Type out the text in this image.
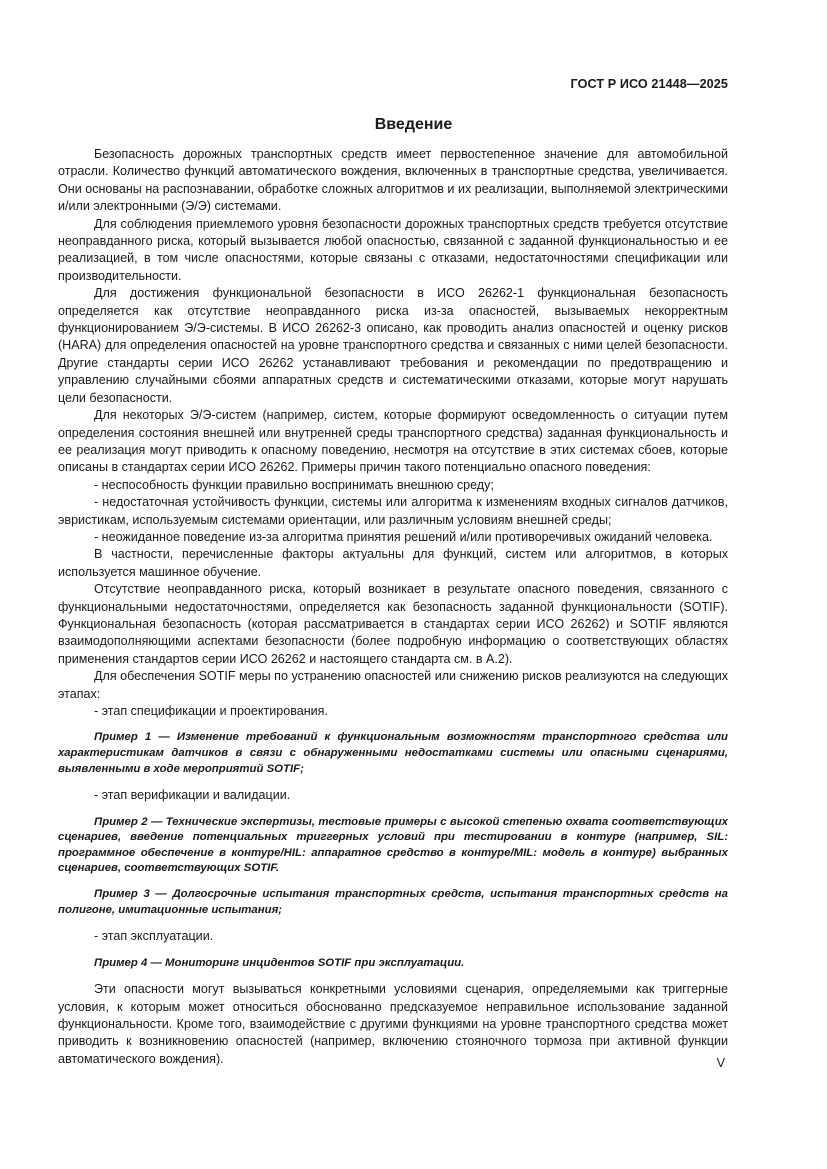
ГОСТ Р ИСО 21448—2025
Введение

Безопасность дорожных транспортных средств имеет первостепенное значение для автомобильной отрасли. Количество функций автоматического вождения, включенных в транспортные средства, увеличивается. Они основаны на распознавании, обработке сложных алгоритмов и их реализации, выполняемой электрическими и/или электронными (Э/Э) системами.

Для соблюдения приемлемого уровня безопасности дорожных транспортных средств требуется отсутствие неоправданного риска, который вызывается любой опасностью, связанной с заданной функциональностью и ее реализацией, в том числе опасностями, которые связаны с отказами, недостаточностями спецификации или производительности.

Для достижения функциональной безопасности в ИСО 26262-1 функциональная безопасность определяется как отсутствие неоправданного риска из-за опасностей, вызываемых некорректным функционированием Э/Э-системы. В ИСО 26262-3 описано, как проводить анализ опасностей и оценку рисков (HARA) для определения опасностей на уровне транспортного средства и связанных с ними целей безопасности. Другие стандарты серии ИСО 26262 устанавливают требования и рекомендации по предотвращению и управлению случайными сбоями аппаратных средств и систематическими отказами, которые могут нарушать цели безопасности.

Для некоторых Э/Э-систем (например, систем, которые формируют осведомленность о ситуации путем определения состояния внешней или внутренней среды транспортного средства) заданная функциональность и ее реализация могут приводить к опасному поведению, несмотря на отсутствие в этих системах сбоев, которые описаны в стандартах серии ИСО 26262. Примеры причин такого потенциально опасного поведения:

- неспособность функции правильно воспринимать внешнюю среду;

- недостаточная устойчивость функции, системы или алгоритма к изменениям входных сигналов датчиков, эвристикам, используемым системами ориентации, или различным условиям внешней среды;

- неожиданное поведение из-за алгоритма принятия решений и/или противоречивых ожиданий человека.

В частности, перечисленные факторы актуальны для функций, систем или алгоритмов, в которых используется машинное обучение.

Отсутствие неоправданного риска, который возникает в результате опасного поведения, связанного с функциональными недостаточностями, определяется как безопасность заданной функциональности (SOTIF). Функциональная безопасность (которая рассматривается в стандартах серии ИСО 26262) и SOTIF являются взаимодополняющими аспектами безопасности (более подробную информацию о соответствующих областях применения стандартов серии ИСО 26262 и настоящего стандарта см. в А.2).

Для обеспечения SOTIF меры по устранению опасностей или снижению рисков реализуются на следующих этапах:

- этап спецификации и проектирования.

Пример 1 — Изменение требований к функциональным возможностям транспортного средства или характеристикам датчиков в связи с обнаруженными недостатками системы или опасными сценариями, выявленными в ходе мероприятий SOTIF;

- этап верификации и валидации.

Пример 2 — Технические экспертизы, тестовые примеры с высокой степенью охвата соответствующих сценариев, введение потенциальных триггерных условий при тестировании в контуре (например, SIL: программное обеспечение в контуре/HIL: аппаратное средство в контуре/MIL: модель в контуре) выбранных сценариев, соответствующих SOTIF.

Пример 3 — Долгосрочные испытания транспортных средств, испытания транспортных средств на полигоне, имитационные испытания;

- этап эксплуатации.

Пример 4 — Мониторинг инцидентов SOTIF при эксплуатации.

Эти опасности могут вызываться конкретными условиями сценария, определяемыми как триггерные условия, к которым может относиться обоснованно предсказуемое неправильное использование заданной функциональности. Кроме того, взаимодействие с другими функциями на уровне транспортного средства может приводить к возникновению опасностей (например, включению стояночного тормоза при активной функции автоматического вождения).	V
